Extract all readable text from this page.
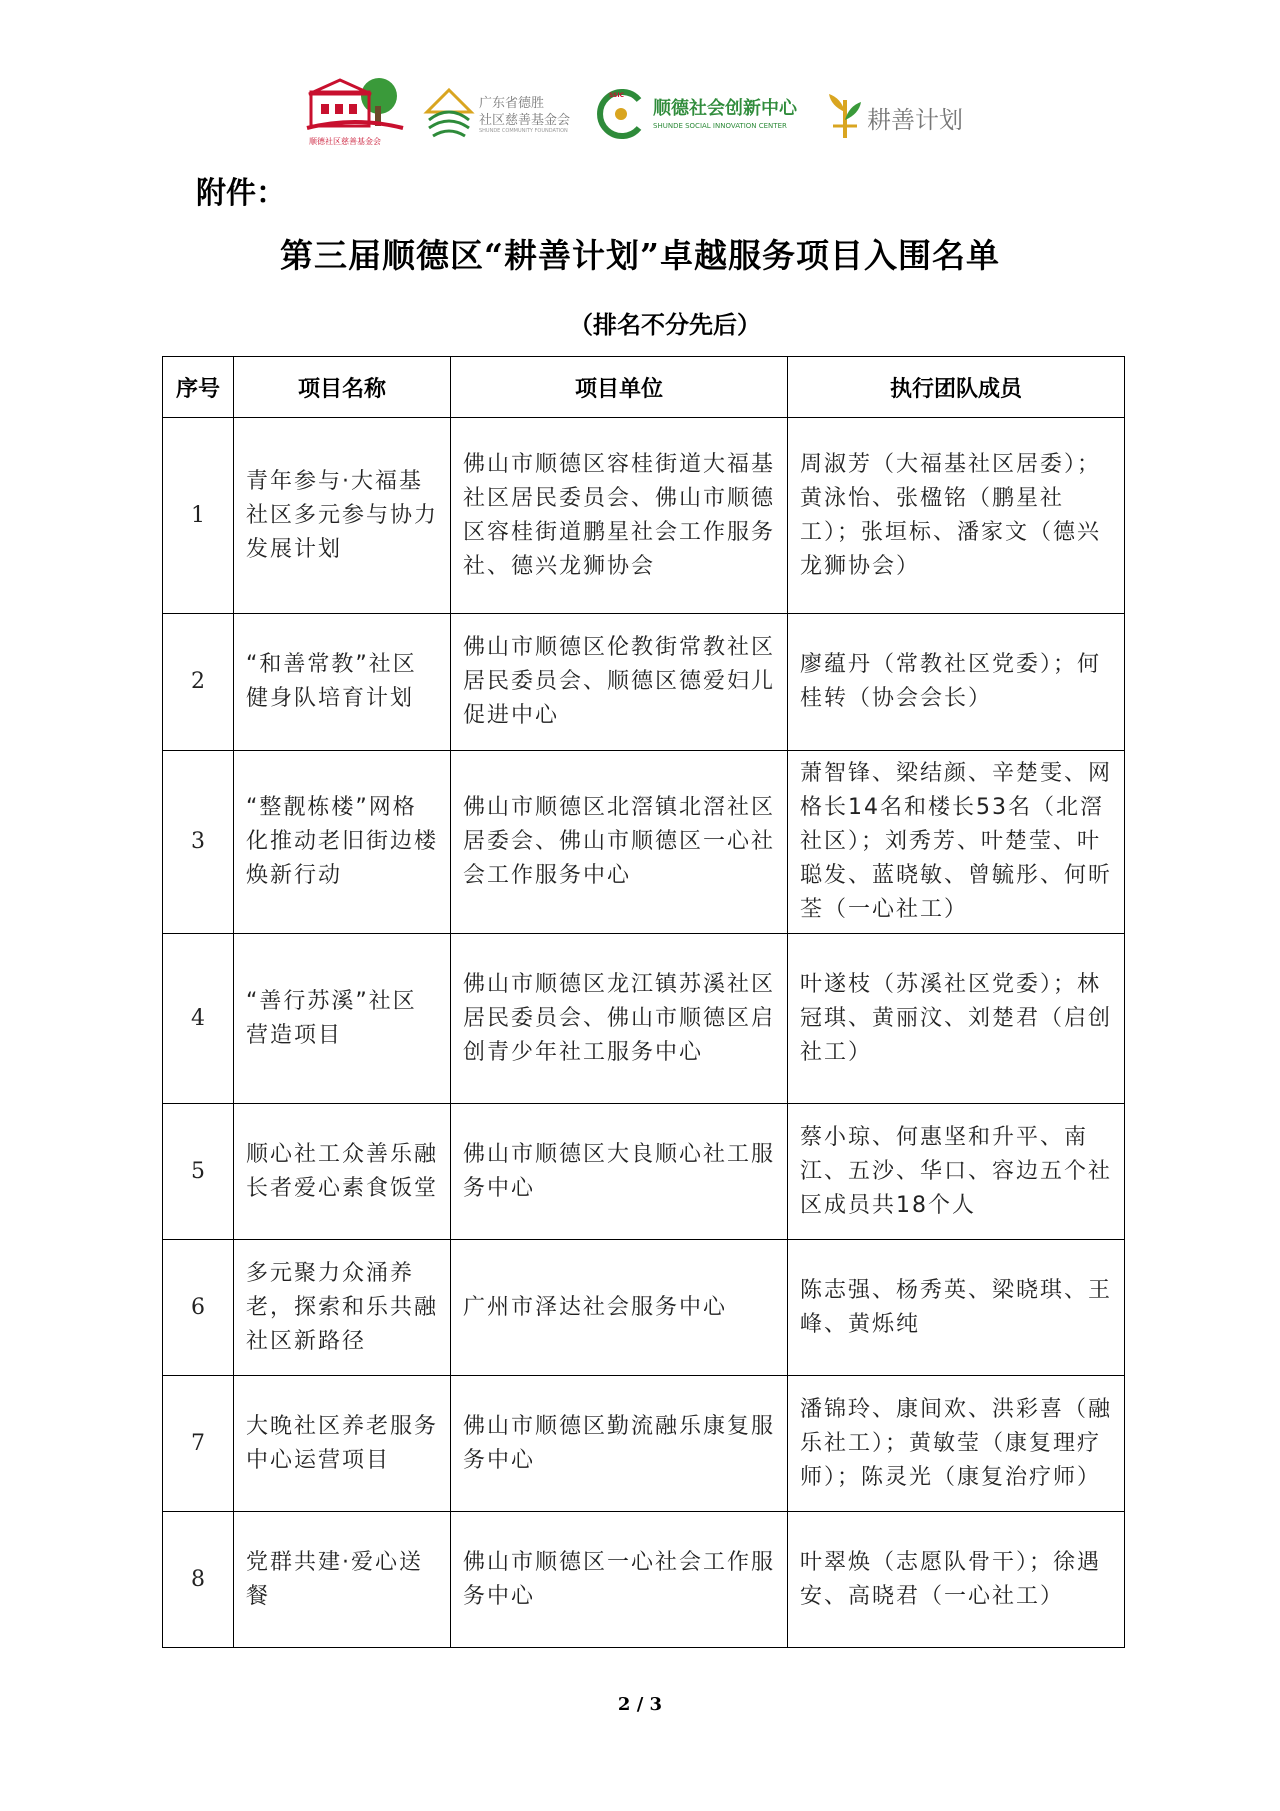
顺德社区慈善基金会
广东省德胜
社区慈善基金会
SHUNDE COMMUNITY FOUNDATION
SSIC
顺德社会创新中心
SHUNDE SOCIAL INNOVATION CENTER	耕善计划
附件：
第三届顺德区“耕善计划”卓越服务项目入围名单
（排名不分先后）
序号	项目名称	项目单位	执行团队成员
1	青年参与·大福基社区多元参与协力发展计划	佛山市顺德区容桂街道大福基社区居民委员会、佛山市顺德区容桂街道鹏星社会工作服务社、德兴龙狮协会	周淑芳（大福基社区居委）；黄泳怡、张楹铭（鹏星社工）；张垣标、潘家文（德兴龙狮协会）
2	“和善常教”社区健身队培育计划	佛山市顺德区伦教街常教社区居民委员会、顺德区德爱妇儿促进中心	廖蕴丹（常教社区党委）；何桂转（协会会长）
3	“整靓栋楼”网格化推动老旧街边楼焕新行动	佛山市顺德区北滘镇北滘社区居委会、佛山市顺德区一心社会工作服务中心	萧智锋、梁结颜、辛楚雯、网格长14名和楼长53名（北滘社区）；刘秀芳、叶楚莹、叶聪发、蓝晓敏、曾毓彤、何昕荃（一心社工）
4	“善行苏溪”社区营造项目	佛山市顺德区龙江镇苏溪社区居民委员会、佛山市顺德区启创青少年社工服务中心	叶遂枝（苏溪社区党委）；林冠琪、黄丽汶、刘楚君（启创社工）
5	顺心社工众善乐融长者爱心素食饭堂	佛山市顺德区大良顺心社工服务中心	蔡小琼、何惠坚和升平、南江、五沙、华口、容边五个社区成员共18个人
6	多元聚力众涌养老，探索和乐共融社区新路径	广州市泽达社会服务中心	陈志强、杨秀英、梁晓琪、王峰、黄烁纯
7	大晚社区养老服务中心运营项目	佛山市顺德区勤流融乐康复服务中心	潘锦玲、康间欢、洪彩喜（融乐社工）；黄敏莹（康复理疗师）；陈灵光（康复治疗师）
8	党群共建·爱心送餐	佛山市顺德区一心社会工作服务中心	叶翠焕（志愿队骨干）；徐遇安、高晓君（一心社工）
2 / 3
